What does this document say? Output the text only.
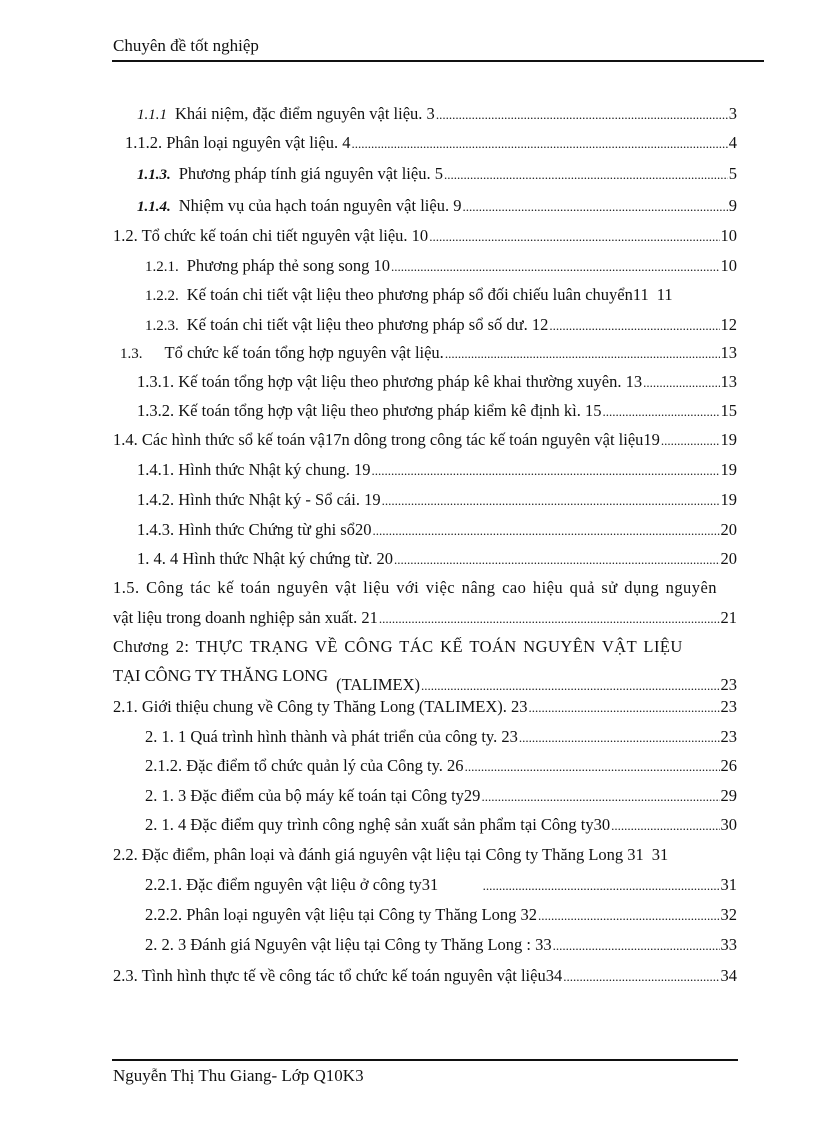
Chuyên đề tốt nghiệp
1.1.1 Khái niệm, đặc điểm nguyên vật liệu. 3 .....	3
1.1.2. Phân loại nguyên vật liệu. 4 .....	4
1.1.3. Phương pháp tính giá nguyên vật liệu. 5 .....	5
1.1.4. Nhiệm vụ của hạch toán nguyên vật liệu. 9 .....	9
1.2. Tổ chức kế toán chi tiết nguyên vật liệu. 10 .....	10
1.2.1. Phương pháp thẻ song song 10 .....	10
1.2.2. Kế toán chi tiết vật liệu theo phương pháp sổ đối chiếu luân chuyển11 11
1.2.3. Kế toán chi tiết vật liệu theo phương pháp sổ số dư. 12 .....	12
1.3. Tổ chức kế toán tổng hợp nguyên vật liệu. .....	13
1.3.1. Kế toán tổng hợp vật liệu theo phương pháp kê khai thường xuyên. 13 .....	13
1.3.2. Kế toán tổng hợp vật liệu theo phương pháp kiểm kê định kì. 15 .....	15
1.4. Các hình thức sổ kế toán vậ17n dông trong công tác kế toán nguyên vật liệu19 .....	19
1.4.1. Hình thức Nhật ký chung. 19 .....	19
1.4.2. Hình thức Nhật ký - Sổ cái. 19 .....	19
1.4.3. Hình thức Chứng từ ghi sổ20 .....	20
1. 4. 4 Hình thức Nhật ký chứng từ. 20 .....	20
1.5. Công tác kế toán nguyên vật liệu với việc nâng cao hiệu quả sử dụng nguyên
vật liệu trong doanh nghiệp sản xuất. 21 .....	21
Chương 2: THỰC TRẠNG VỀ CÔNG TÁC KẾ TOÁN NGUYÊN VẬT LIỆU
TẠI CÔNG TY THĂNG LONG (TALIMEX) .....	23
2.1. Giới thiệu chung về Công ty Thăng Long (TALIMEX). 23 .....	23
2. 1. 1 Quá trình hình thành và phát triển của công ty. 23 .....	23
2.1.2. Đặc điểm tổ chức quản lý của Công ty. 26 .....	26
2. 1. 3 Đặc điểm của bộ máy kế toán tại Công ty29 .....	29
2. 1. 4 Đặc điểm quy trình công nghệ sản xuất sản phẩm tại Công ty30 .....	30
2.2. Đặc điểm, phân loại và đánh giá nguyên vật liệu tại Công ty Thăng Long 31 31
2.2.1. Đặc điểm nguyên vật liệu ở công ty31 .....	31
2.2.2. Phân loại nguyên vật liệu tại Công ty Thăng Long 32 .....	32
2. 2. 3 Đánh giá Nguyên vật liệu tại Công ty Thăng Long : 33 .....	33
2.3. Tình hình thực tế về công tác tổ chức kế toán nguyên vật liệu34 .....	34
Nguyễn Thị Thu Giang- Lớp Q10K3
